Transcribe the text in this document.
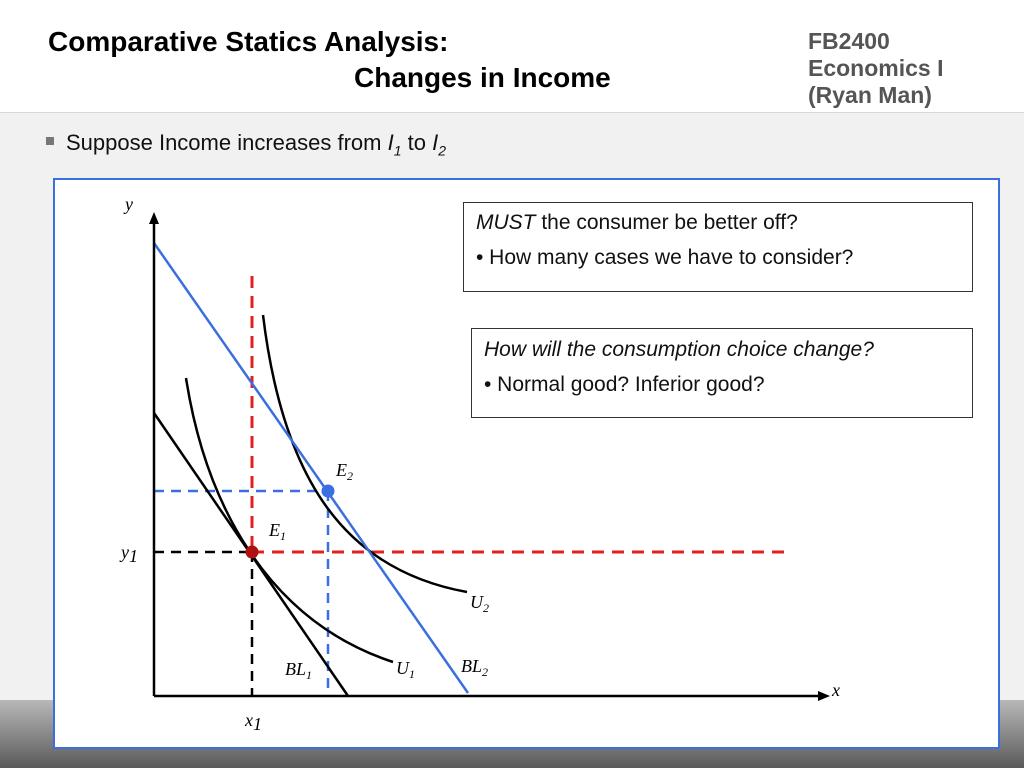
Comparative Statics Analysis:
Changes in Income
FB2400
Economics I
(Ryan Man)
Suppose Income increases from $I_1$ to $I_2$
y
x
y1
x1
$E_1$
$E_2$
$U_2$
$U_1$
$BL_1$	$BL_2$

MUST the consumer be better off?

• How many cases we have to consider?

How will the consumption choice change?

• Normal good? Inferior good?
